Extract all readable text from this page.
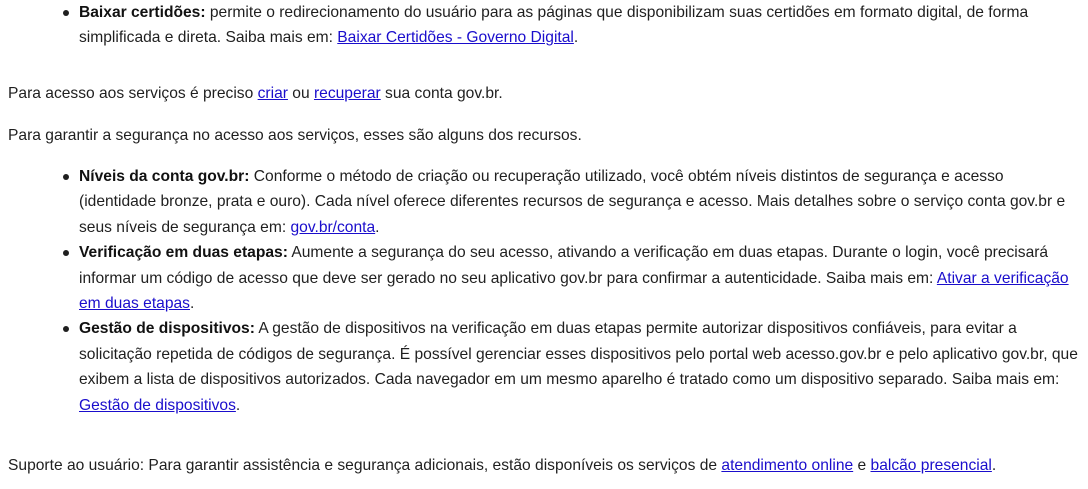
Baixar certidões: permite o redirecionamento do usuário para as páginas que disponibilizam suas certidões em formato digital, de forma simplificada e direta. Saiba mais em: Baixar Certidões - Governo Digital.
Para acesso aos serviços é preciso criar ou recuperar sua conta gov.br.
Para garantir a segurança no acesso aos serviços, esses são alguns dos recursos.
Níveis da conta gov.br: Conforme o método de criação ou recuperação utilizado, você obtém níveis distintos de segurança e acesso (identidade bronze, prata e ouro). Cada nível oferece diferentes recursos de segurança e acesso. Mais detalhes sobre o serviço conta gov.br e seus níveis de segurança em: gov.br/conta.
Verificação em duas etapas: Aumente a segurança do seu acesso, ativando a verificação em duas etapas. Durante o login, você precisará informar um código de acesso que deve ser gerado no seu aplicativo gov.br para confirmar a autenticidade. Saiba mais em: Ativar a verificação em duas etapas.
Gestão de dispositivos: A gestão de dispositivos na verificação em duas etapas permite autorizar dispositivos confiáveis, para evitar a solicitação repetida de códigos de segurança. É possível gerenciar esses dispositivos pelo portal web acesso.gov.br e pelo aplicativo gov.br, que exibem a lista de dispositivos autorizados. Cada navegador em um mesmo aparelho é tratado como um dispositivo separado. Saiba mais em: Gestão de dispositivos.
Suporte ao usuário: Para garantir assistência e segurança adicionais, estão disponíveis os serviços de atendimento online e balcão presencial.
